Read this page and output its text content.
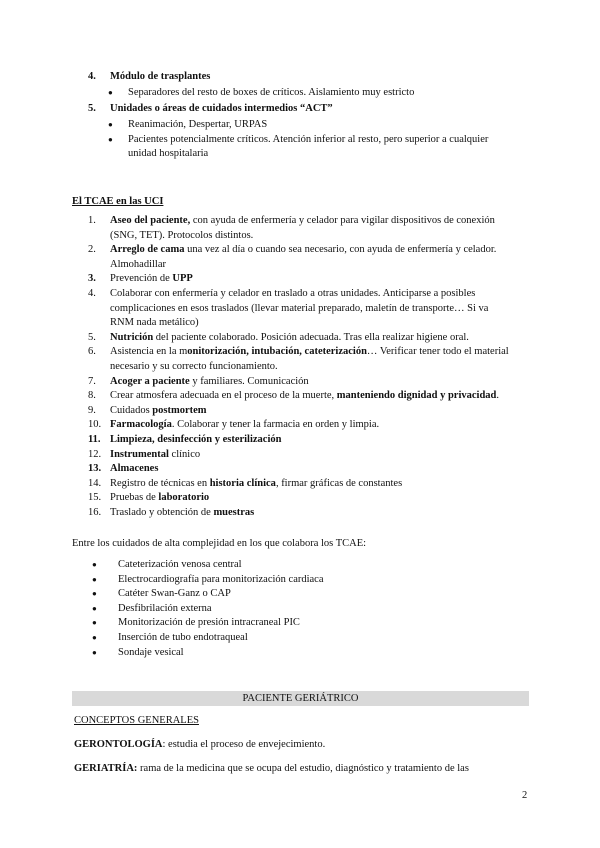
4. Módulo de trasplantes
●	Separadores del resto de boxes de críticos. Aislamiento muy estricto
5. Unidades o áreas de cuidados intermedios “ACT”
●	Reanimación, Despertar, URPAS
●	Pacientes potencialmente críticos. Atención inferior al resto, pero superior a cualquier
unidad hospitalaria
El TCAE en las UCI
1.	Aseo del paciente, con ayuda de enfermería y celador para vigilar dispositivos de conexión
(SNG, TET). Protocolos distintos.
2.	Arreglo de cama una vez al día o cuando sea necesario, con ayuda de enfermería y celador.
Almohadillar
3.	Prevención de UPP
4.	Colaborar con enfermería y celador en traslado a otras unidades. Anticiparse a posibles
complicaciones en esos traslados (llevar material preparado, maletín de transporte… Si va
RNM nada metálico)
5.	Nutrición del paciente colaborado. Posición adecuada. Tras ella realizar higiene oral.
6.	Asistencia en la monitorización, intubación, cateterización… Verificar tener todo el material
necesario y su correcto funcionamiento.
7.	Acoger a paciente y familiares. Comunicación
8.	Crear atmosfera adecuada en el proceso de la muerte, manteniendo dignidad y privacidad.
9.	Cuidados postmortem
10. Farmacología. Colaborar y tener la farmacia en orden y limpia.
11. Limpieza, desinfección y esterilización
12. Instrumental clínico
13. Almacenes
14. Registro de técnicas en historia clínica, firmar gráficas de constantes
15. Pruebas de laboratorio
16. Traslado y obtención de muestras
Entre los cuidados de alta complejidad en los que colabora los TCAE:
●	Cateterización venosa central
●	Electrocardiografía para monitorización cardiaca
●	Catéter Swan-Ganz o CAP
●	Desfibrilación externa
●	Monitorización de presión intracraneal PIC
●	Inserción de tubo endotraqueal
●	Sondaje vesical
PACIENTE GERIÁTRICO
CONCEPTOS GENERALES
GERONTOLOGÍA: estudia el proceso de envejecimiento.
GERIATRÍA: rama de la medicina que se ocupa del estudio, diagnóstico y tratamiento de las
2
